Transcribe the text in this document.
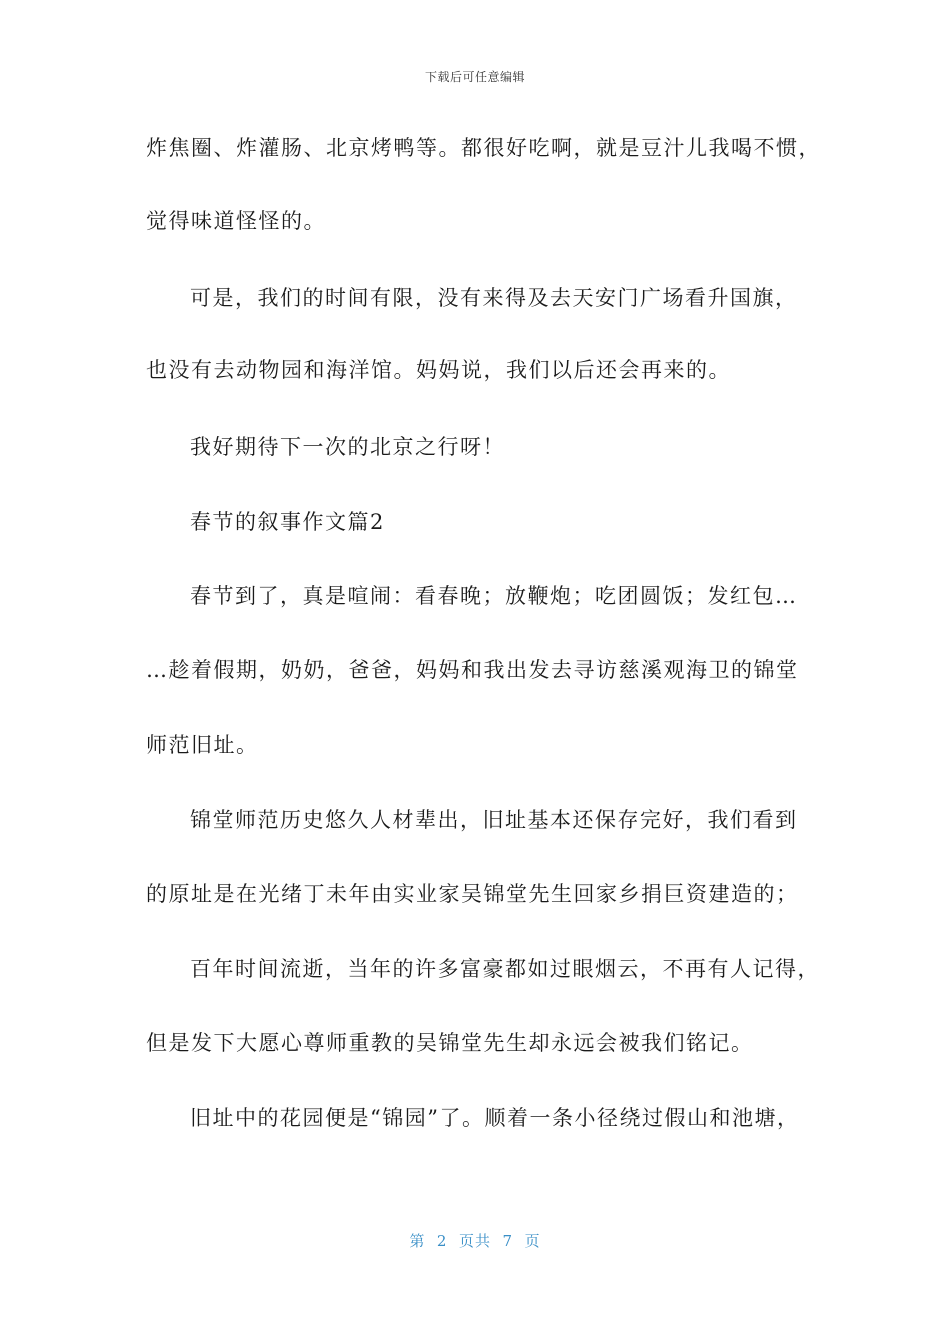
下载后可任意编辑
炸焦圈、炸灌肠、北京烤鸭等。都很好吃啊，就是豆汁儿我喝不惯，
觉得味道怪怪的。
可是，我们的时间有限，没有来得及去天安门广场看升国旗，
也没有去动物园和海洋馆。妈妈说，我们以后还会再来的。
我好期待下一次的北京之行呀！
春节的叙事作文篇2
春节到了，真是喧闹：看春晚；放鞭炮；吃团圆饭；发红包…
…趁着假期，奶奶，爸爸，妈妈和我出发去寻访慈溪观海卫的锦堂
师范旧址。
锦堂师范历史悠久人材辈出，旧址基本还保存完好，我们看到
的原址是在光绪丁未年由实业家吴锦堂先生回家乡捐巨资建造的；
百年时间流逝，当年的许多富豪都如过眼烟云，不再有人记得，
但是发下大愿心尊师重教的吴锦堂先生却永远会被我们铭记。
旧址中的花园便是“锦园”了。顺着一条小径绕过假山和池塘，
第  2  页共  7  页
